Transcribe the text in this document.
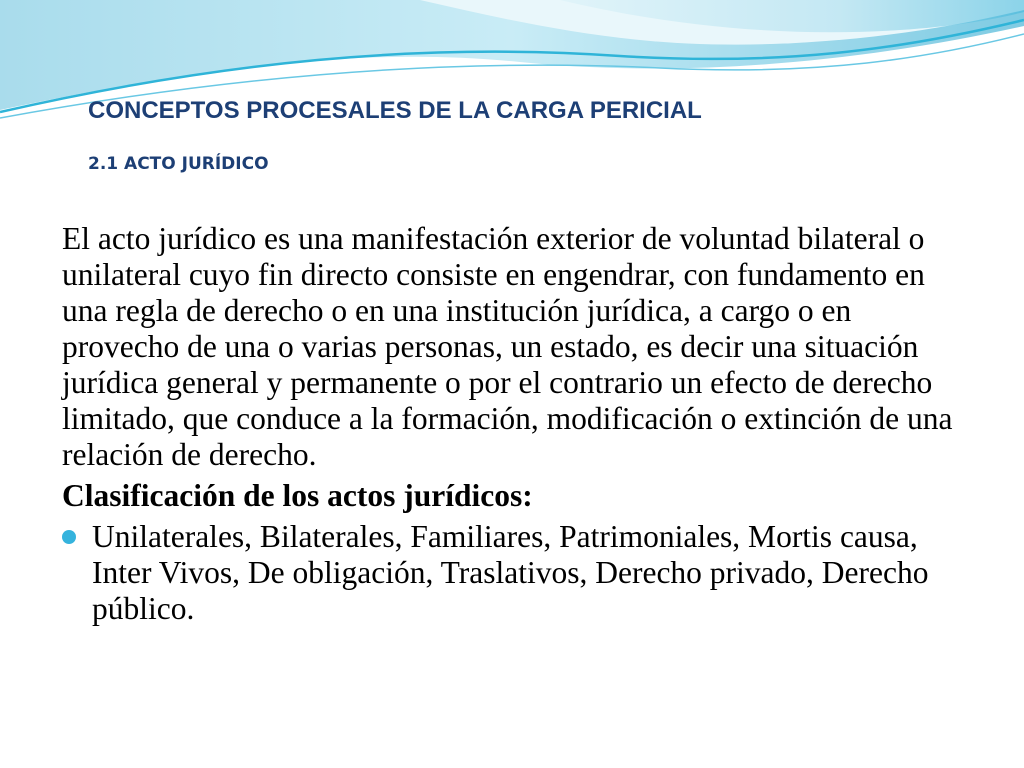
CONCEPTOS PROCESALES DE LA CARGA PERICIAL
2.1 ACTO JURÍDICO

El acto jurídico es una manifestación exterior de voluntad bilateral o unilateral cuyo fin directo consiste en engendrar, con fundamento en una regla de derecho o en una institución jurídica, a cargo o en provecho de una o varias personas, un estado, es decir una situación jurídica general y permanente o por el contrario un efecto de derecho limitado, que conduce a la formación, modificación o extinción de una relación de derecho.

Clasificación de los actos jurídicos:

Unilaterales, Bilaterales, Familiares, Patrimoniales, Mortis causa, Inter Vivos, De obligación, Traslativos, Derecho privado, Derecho público.
